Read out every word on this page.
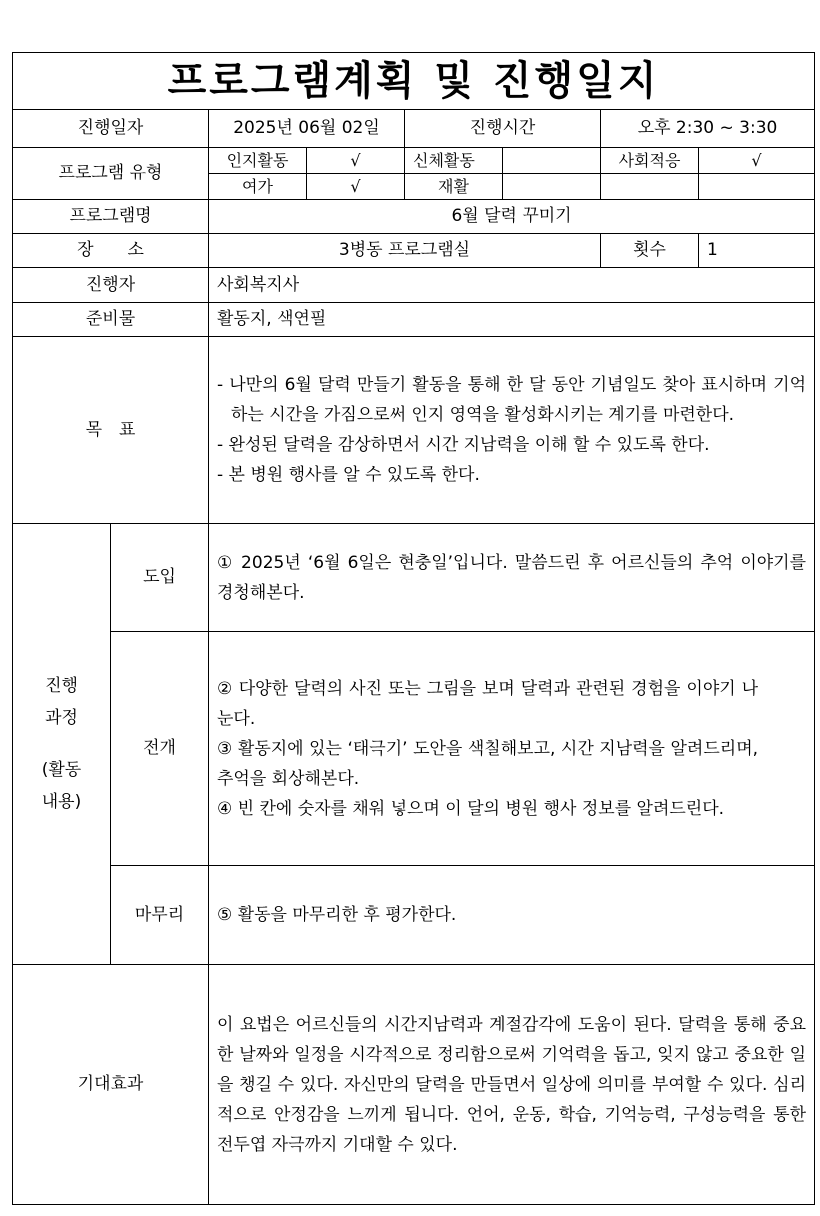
프로그램계획 및 진행일지							
진행일자		2025년 06월 02일		진행시간		오후 2:30 ~ 3:30	
프로그램 유형		인지활동	√	신체활동		사회적응	√
		여가	√	재활			
프로그램명		6월 달력 꾸미기					
장　　소		3병동 프로그램실				횟수	1
진행자		사회복지사					
준비물		활동지, 색연필					
목　표		- 나만의 6월 달력 만들기 활동을 통해 한 달 동안 기념일도 찾아 표시하며 기억하는 시간을 가짐으로써 인지 영역을 활성화시키는 계기를 마련한다.

- 완성된 달력을 감상하면서 시간 지남력을 이해 할 수 있도록 한다.

- 본 병원 행사를 알 수 있도록 한다.					

진행
과정
(활동
내용)	도입	① 2025년 ‘6월 6일은 현충일’입니다. 말씀드린 후 어르신들의 추억 이야기를 경청해본다.					
	전개	② 다양한 달력의 사진 또는 그림을 보며 달력과 관련된 경험을 이야기 나눈다.

③ 활동지에 있는 ‘태극기’ 도안을 색칠해보고, 시간 지남력을 알려드리며, 추억을 회상해본다.

④ 빈 칸에 숫자를 채워 넣으며 이 달의 병원 행사 정보를 알려드린다.					

	마무리	⑤ 활동을 마무리한 후 평가한다.					
기대효과		이 요법은 어르신들의 시간지남력과 계절감각에 도움이 된다. 달력을 통해 중요한 날짜와 일정을 시각적으로 정리함으로써 기억력을 돕고, 잊지 않고 중요한 일을 챙길 수 있다. 자신만의 달력을 만들면서 일상에 의미를 부여할 수 있다. 심리적으로 안정감을 느끼게 됩니다. 언어, 운동, 학습, 기억능력, 구성능력을 통한 전두엽 자극까지 기대할 수 있다.					
